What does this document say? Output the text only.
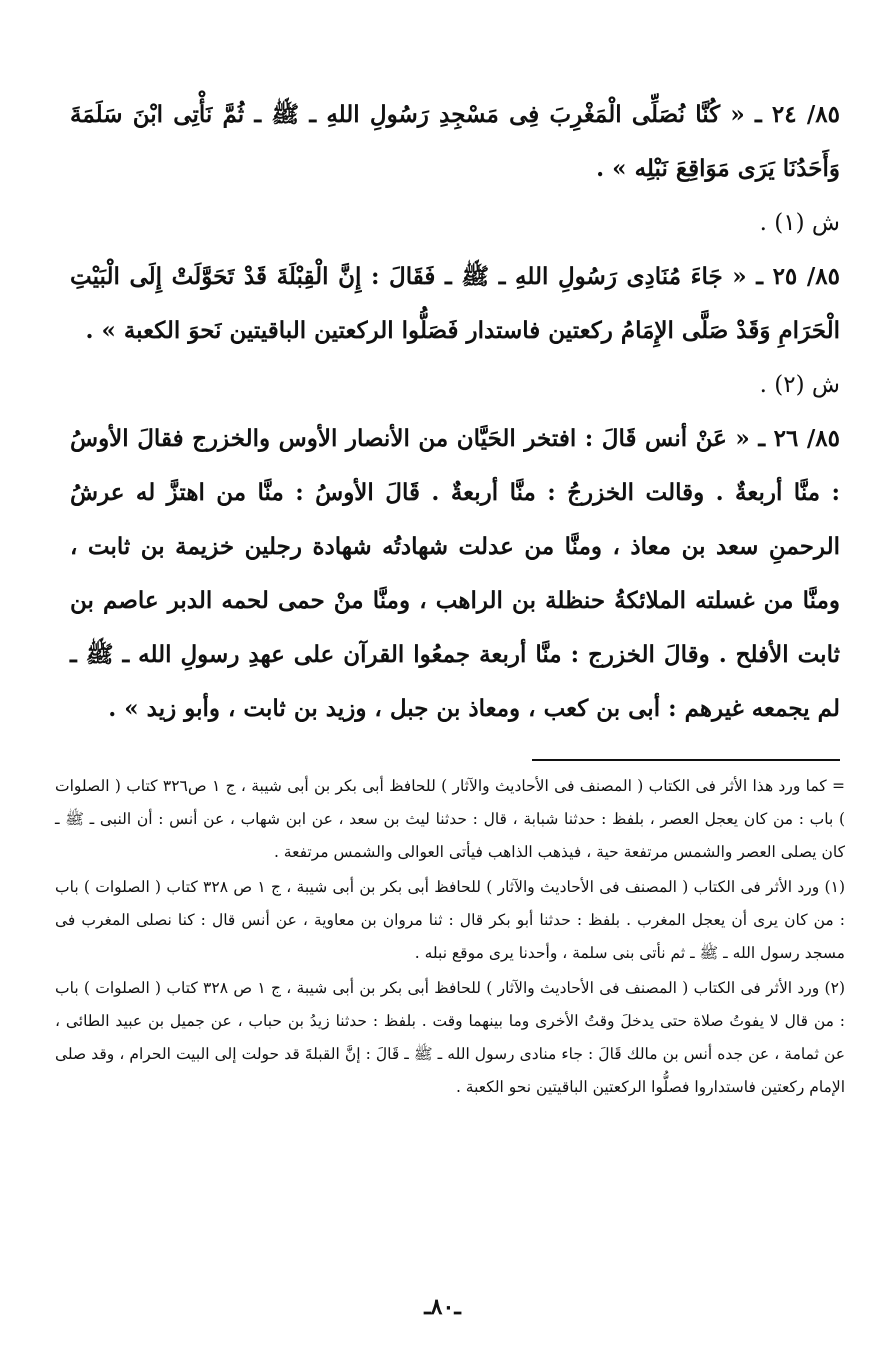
٨٥/ ٢٤ ـ « كُنَّا نُصَلِّى الْمَغْرِبَ فِى مَسْجِدِ رَسُولِ اللهِ ـ ﷺ ـ ثُمَّ نَأْتِى ابْنَ سَلَمَةَ وَأَحَدُنَا يَرَى مَوَاقِعَ نَبْلِه » .

ش (١) .

٨٥/ ٢٥ ـ « جَاءَ مُنَادِى رَسُولِ اللهِ ـ ﷺ ـ فَقَالَ : إِنَّ الْقِبْلَةَ قَدْ تَحَوَّلَتْ إِلَى الْبَيْتِ الْحَرَامِ وَقَدْ صَلَّى الإِمَامُ ركعتين فاستدار فَصَلُّوا الركعتين الباقيتين نَحوَ الكعبة » .

ش (٢) .

٨٥/ ٢٦ ـ « عَنْ أنس قَالَ : افتخر الحَيَّان من الأنصار الأوس والخزرج فقالَ الأوسُ : منَّا أربعةٌ . وقالت الخزرجُ : منَّا أربعةٌ . قَالَ الأوسُ : منَّا من اهتزَّ له عرشُ الرحمنِ سعد بن معاذ ، ومنَّا من عدلت شهادتُه شهادة رجلين خزيمة بن ثابت ، ومنَّا من غسلته الملائكةُ حنظلة بن الراهب ، ومنَّا منْ حمى لحمه الدبر عاصم بن ثابت الأفلح . وقالَ الخزرج : منَّا أربعة جمعُوا القرآن على عهدِ رسولِ الله ـ ﷺ ـ لم يجمعه غيرهم : أبى بن كعب ، ومعاذ بن جبل ، وزيد بن ثابت ، وأبو زيد » .

= كما ورد هذا الأثر فى الكتاب ( المصنف فى الأحاديث والآثار ) للحافظ أبى بكر بن أبى شيبة ، ج ١ ص٣٢٦ كتاب ( الصلوات ) باب : من كان يعجل العصر ، بلفظ : حدثنا شبابة ، قال : حدثنا ليث بن سعد ، عن ابن شهاب ، عن أنس : أن النبى ـ ﷺ ـ كان يصلى العصر والشمس مرتفعة حية ، فيذهب الذاهب فيأتى العوالى والشمس مرتفعة .

(١) ورد الأثر فى الكتاب ( المصنف فى الأحاديث والآثار ) للحافظ أبى بكر بن أبى شيبة ، ج ١ ص ٣٢٨ كتاب ( الصلوات ) باب : من كان يرى أن يعجل المغرب . بلفظ : حدثنا أبو بكر قال : ثنا مروان بن معاوية ، عن أنس قال : كنا نصلى المغرب فى مسجد رسول الله ـ ﷺ ـ ثم نأتى بنى سلمة ، وأحدنا يرى موقع نبله .

(٢) ورد الأثر فى الكتاب ( المصنف فى الأحاديث والآثار ) للحافظ أبى بكر بن أبى شيبة ، ج ١ ص ٣٢٨ كتاب ( الصلوات ) باب : من قال لا يفوتُ صلاة حتى يدخلَ وقتُ الأخرى وما بينهما وقت . بلفظ : حدثنا زيدُ بن حباب ، عن جميل بن عبيد الطائى ، عن ثمامة ، عن جده أنس بن مالك قَالَ : جاء منادى رسول الله ـ ﷺ ـ قَالَ : إنَّ القبلةَ قد حولت إلى البيت الحرام ، وقد صلى الإمام ركعتين فاستداروا فصلُّوا الركعتين الباقيتين نحو الكعبة .

ـ٨٠ـ
